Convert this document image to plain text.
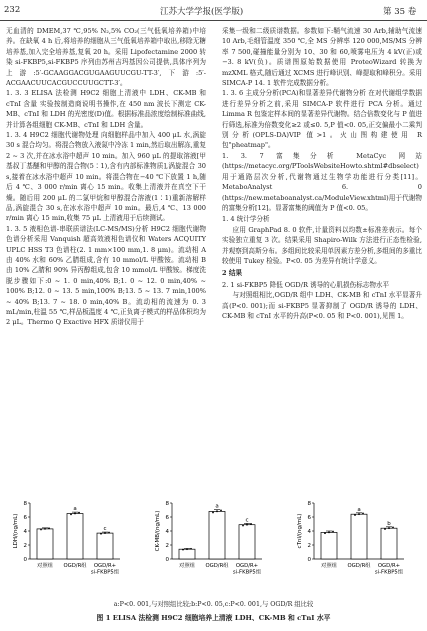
232	江苏大学学报(医学版)	第 35 卷

无血清的 DMEM,37 ℃,95% N₂,5% CO₂(三气低氧培养箱)中培养。在缺氧 4 h 后,将培养的细胞从三气低氧培养箱中取出,移除无糖培养基,加入完全培养基,复氧 20 h。采用 Lipofectamine 2000 转染 si-FKBP5,si-FKBP5 序列由苏州吉玛基因公司提供,具体序列为上游:5′-GCAAGGACGUGAAGUUCGU-TT-3′,下游:5′-ACGAACUUCACGUCCUUGCTT-3′。

1. 3. 3 ELISA 法检测 H9C2 细胞上清液中 LDH、CK-MB 和 cTnI 含量 实验按制造商说明书操作,在 450 nm 波长下测定 CK-MB、cTnI 和 LDH 的光密度(D)值。根据标准品浓度绘制标准曲线,并计算各组细胞 CK-MB、cTnI 和 LDH 含量。

1. 3. 4 H9C2 细胞代谢物处理 向细胞样品中加入 400 μL 水,涡旋 30 s 混合均匀。将混合物放入液氮中冷冻 1 min,然后取出解冻,重复 2 ~ 3 次,并在冰水浴中超声 10 min。加入 960 μL 的提取溶液[甲基叔丁基醚和甲醇的混合物(5∶1),含有内部标准物质],涡旋混合 30 s,接着在冰水浴中超声 10 min。将混合物在−40 ℃下放置 1 h,随后 4 ℃、3 000 r/min 离心 15 min。收集上清液并在真空下干燥。随后用 200 μL 的二氯甲烷和甲醇混合溶液(1∶1)重新溶解样品,涡旋混合 30 s,在冰水浴中超声 10 min。最后,4 ℃、13 000 r/min 离心 15 min,收集 75 μL 上清液用于后续测试。

1. 3. 5 液相色谱-串联质谱法(LC-MS/MS)分析 H9C2 细胞代谢物 色谱分析采用 Vanquish 超高效液相色谱仪和 Waters ACQUITY UPLC HSS T3 色谱柱(2. 1 mm×100 mm,1. 8 μm)。流动相 A 由 40% 水和 60% 乙腈组成,含有 10 mmol/L 甲酸铵。流动相 B 由 10% 乙腈和 90% 异丙醇组成,包含 10 mmol/L 甲酸铵。梯度洗脱步骤如下:0 ~ 1. 0 min,40% B;1. 0 ~ 12. 0 min,40% ~ 100% B;12. 0 ~ 13. 5 min,100% B;13. 5 ~ 13. 7 min,100% ~ 40% B;13. 7 ~ 18. 0 min,40% B。流动相的流速为 0. 3 mL/min,柱温 55 ℃,样品板温度 4 ℃,正负离子模式的样品体积均为 2 μL。Thermo Q Exactive HFX 质谱仪用于

采集一级和二级质谱数据。参数如下:鞘气流速 30 Arb,辅助气流速 10 Arb,毛细管温度 350 ℃,全 MS 分辨率 120 000,MS/MS 分辨率 7 500,碰撞能量分别为 10、30 和 60,喷雾电压为 4 kV(正)或 −3. 8 kV(负)。质谱图原始数据使用 ProteoWizard 转换为 mzXML 格式,随后通过 XCMS 进行峰识别、峰提取和峰积分。采用 SIMCA-P 14. 1 软件完成数据分析。

1. 3. 6 主成分分析(PCA)和显著差异代谢物分析 在对代谢组学数据进行差异分析之前,采用 SIMCA-P 软件进行 PCA 分析。通过 Limma R 包鉴定样本间的显著差异代谢物。结合倍数变化与 P 值进行筛选,标准为倍数变化≥2 或≤0. 5,P 值<0. 05,正交偏最小二乘判别分析(OPLS-DA)VIP 值>1。火山图构建使用 R 包"pheatmap"。

1. 3. 7 富集分析 MetaCyc 网站(https://metacyc.org/PToolsWebsiteHowto.shtml#dbselect)用于通路层次分析,代谢物通过生物学功能进行分类[11]。MetaboAnalyst 6. 0 (https://new.metaboanalyst.ca/ModuleView.xhtml)用于代谢物的富集分析[12]。显著富集的阈值为 P 值<0. 05。

1. 4 统计学分析

应用 GraphPad 8. 0 软件,计量资料以均数±标准差表示。每个实验独立重复 3 次。结果采用 Shapiro-Wilk 方法进行正态性检验,并观察到高斯分布。多组间比较采用单因素方差分析,多组间的多重比较使用 Tukey 检验。P<0. 05 为差异有统计学意义。

2 结果

2. 1 si-FKBP5 降低 OGD/R 诱导的心肌损伤标志物水平

与对照组相比,OGD/R 组中 LDH、CK-MB 和 cTnI 水平显著升高(P<0. 001);而 si-FKBP5 显著抑制了 OGD/R 诱导的 LDH、CK-MB 和 cTnI 水平的升高(P<0. 05 和 P<0. 001),见图 1。

0
2
4
6
8
LDH/(ng/mL)
对照组
a
OGD/R组
c
OGD/R+
si-FKBP5组
0
2
4
6
8
CK-MB/(ng/mL)
对照组
a
OGD/R组
c
OGD/R+
si-FKBP5组
0
2
4
6
8
cTnI/(ng/mL)
对照组
a
OGD/R组
b
OGD/R+
si-FKBP5组
a:P<0. 001,与对照组比较;b:P<0. 05,c:P<0. 001,与 OGD/R 组比较
图 1 ELISA 法检测 H9C2 细胞培养上清液 LDH、CK-MB 和 cTnI 水平
